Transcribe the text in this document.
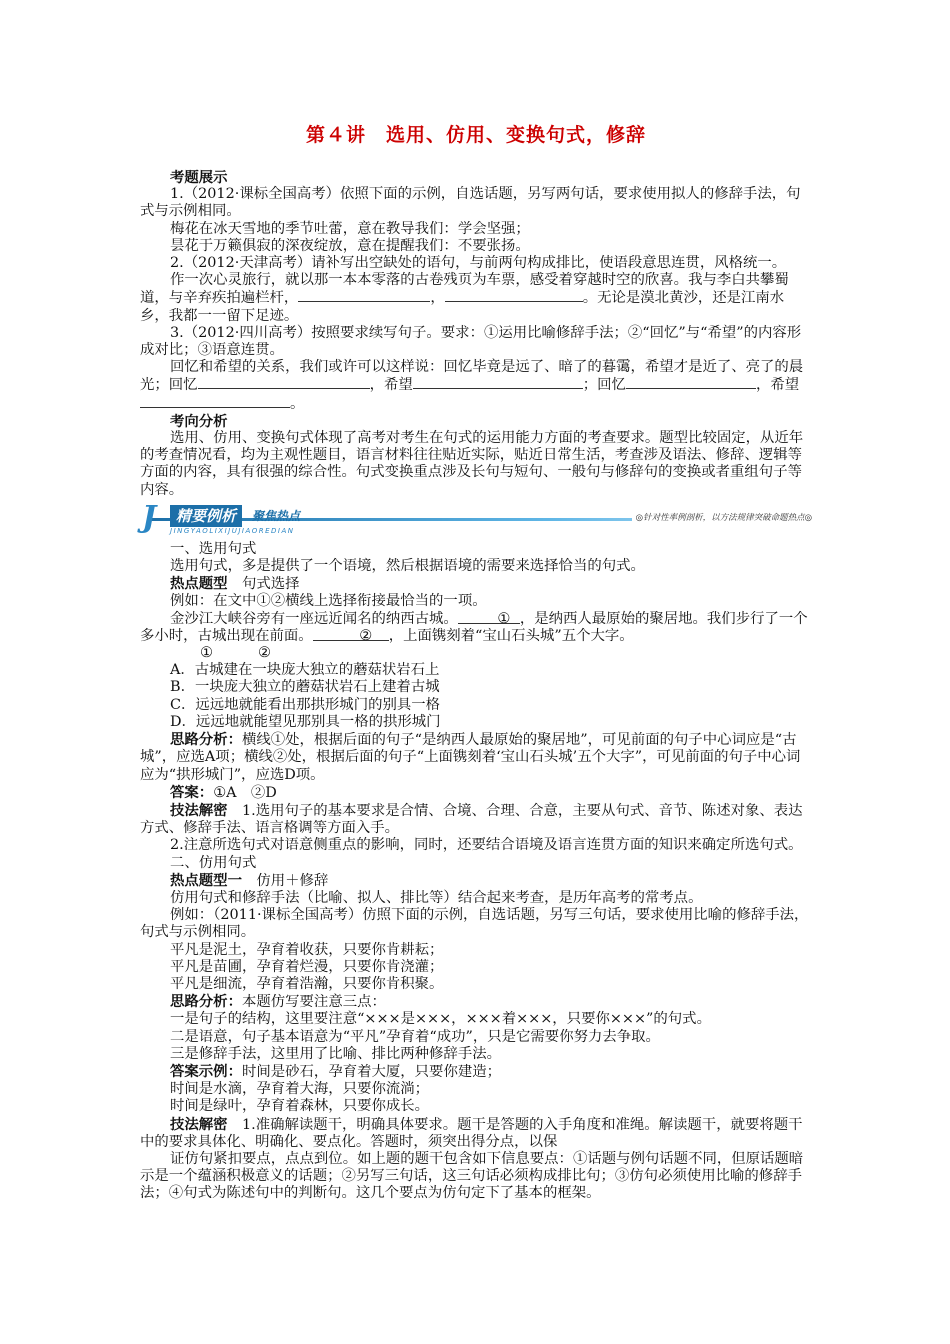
第４讲　选用、仿用、变换句式，修辞

考题展示

1.（2012·课标全国高考）依照下面的示例，自选话题，另写两句话，要求使用拟人的修辞手法，句式与示例相同。

梅花在冰天雪地的季节吐蕾，意在教导我们：学会坚强；

昙花于万籁俱寂的深夜绽放，意在提醒我们：不要张扬。

2.（2012·天津高考）请补写出空缺处的语句，与前两句构成排比，使语段意思连贯，风格统一。

作一次心灵旅行，就以那一本本零落的古卷残页为车票，感受着穿越时空的欣喜。我与李白共攀蜀道，与辛弃疾拍遍栏杆，	，	。无论是漠北黄沙，还是江南水乡，我都一一留下足迹。

3.（2012·四川高考）按照要求续写句子。要求：①运用比喻修辞手法；②“回忆”与“希望”的内容形成对比；③语意连贯。

回忆和希望的关系，我们或许可以这样说：回忆毕竟是远了、暗了的暮霭，希望才是近了、亮了的晨光；回忆	，希望	；回忆	，希望。

考向分析

选用、仿用、变换句式体现了高考对考生在句式的运用能力方面的考查要求。题型比较固定，从近年的考查情况看，均为主观性题目，语言材料往往贴近实际，贴近日常生活，考查涉及语法、修辞、逻辑等方面的内容，具有很强的综合性。句式变换重点涉及长句与短句、一般句与修辞句的变换或者重组句子等内容。

J	精要例析	聚焦热点
JINGYAOLIXIJUJIAOREDIAN
◎针对性率例剖析，以方法规律突破命题热点◎

一、选用句式

选用句式，多是提供了一个语境，然后根据语境的需要来选择恰当的句式。

热点题型　句式选择

例如：在文中①②横线上选择衔接最恰当的一项。

金沙江大峡谷旁有一座远近闻名的纳西古城。	① ，是纳西人最原始的聚居地。我们步行了一个多小时，古城出现在前面。	② ，上面镌刻着“宝山石头城”五个大字。

①	②

A．古城建在一块庞大独立的蘑菇状岩石上

B．一块庞大独立的蘑菇状岩石上建着古城

C．远远地就能看出那拱形城门的别具一格

D．远远地就能望见那别具一格的拱形城门

思路分析：横线①处，根据后面的句子“是纳西人最原始的聚居地”，可见前面的句子中心词应是“古城”，应选A项；横线②处，根据后面的句子“上面镌刻着‘宝山石头城’五个大字”，可见前面的句子中心词应为“拱形城门”，应选D项。

答案：①A　②D

技法解密　1.选用句子的基本要求是合情、合境、合理、合意，主要从句式、音节、陈述对象、表达方式、修辞手法、语言格调等方面入手。

2.注意所选句式对语意侧重点的影响，同时，还要结合语境及语言连贯方面的知识来确定所选句式。

二、仿用句式

热点题型一　仿用＋修辞

仿用句式和修辞手法（比喻、拟人、排比等）结合起来考查，是历年高考的常考点。

例如：（2011·课标全国高考）仿照下面的示例，自选话题，另写三句话，要求使用比喻的修辞手法，句式与示例相同。

平凡是泥土，孕育着收获，只要你肯耕耘；

平凡是苗圃，孕育着烂漫，只要你肯浇灌；

平凡是细流，孕育着浩瀚，只要你肯积聚。

思路分析：本题仿写要注意三点：

一是句子的结构，这里要注意“×××是×××，×××着×××，只要你×××”的句式。

二是语意，句子基本语意为“平凡”孕育着“成功”，只是它需要你努力去争取。

三是修辞手法，这里用了比喻、排比两种修辞手法。

答案示例：时间是砂石，孕育着大厦，只要你建造；

时间是水滴，孕育着大海，只要你流淌；

时间是绿叶，孕育着森林，只要你成长。

技法解密　1.准确解读题干，明确具体要求。题干是答题的入手角度和准绳。解读题干，就要将题干中的要求具体化、明确化、要点化。答题时，须突出得分点，以保

证仿句紧扣要点，点点到位。如上题的题干包含如下信息要点：①话题与例句话题不同，但原话题暗示是一个蕴涵积极意义的话题；②另写三句话，这三句话必须构成排比句；③仿句必须使用比喻的修辞手法；④句式为陈述句中的判断句。这几个要点为仿句定下了基本的框架。
